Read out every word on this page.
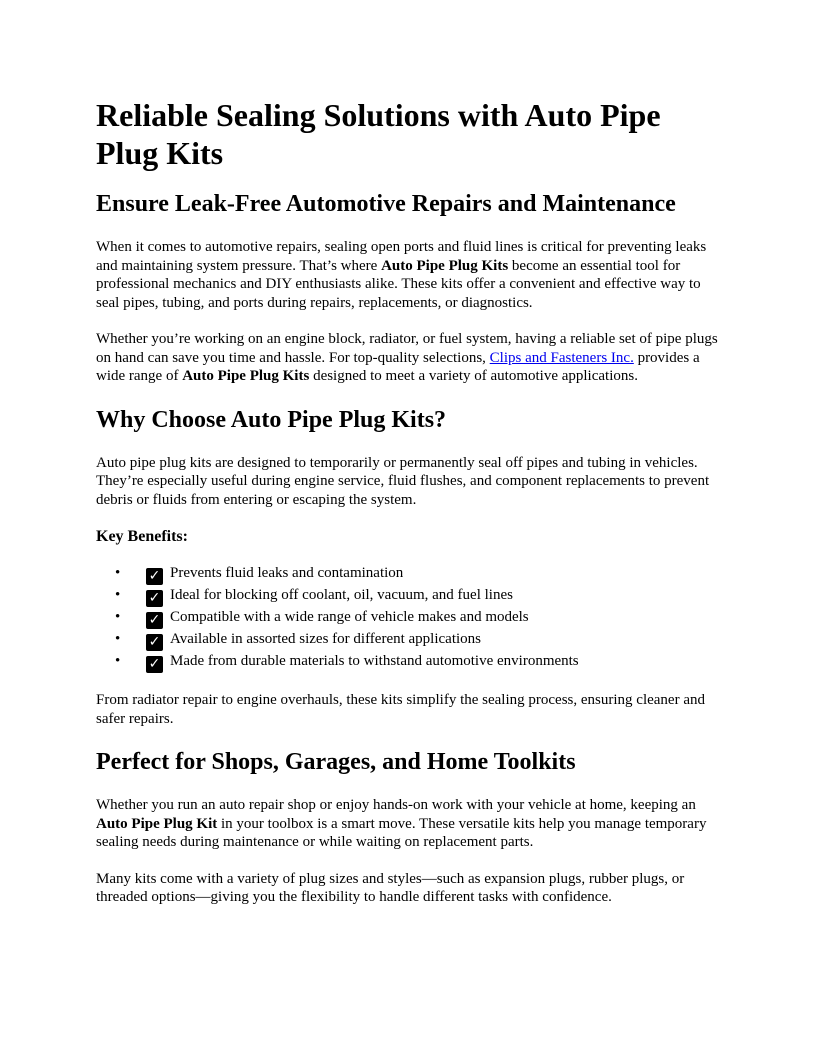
Reliable Sealing Solutions with Auto Pipe Plug Kits
Ensure Leak-Free Automotive Repairs and Maintenance

When it comes to automotive repairs, sealing open ports and fluid lines is critical for preventing leaks and maintaining system pressure. That’s where Auto Pipe Plug Kits become an essential tool for professional mechanics and DIY enthusiasts alike. These kits offer a convenient and effective way to seal pipes, tubing, and ports during repairs, replacements, or diagnostics.

Whether you’re working on an engine block, radiator, or fuel system, having a reliable set of pipe plugs on hand can save you time and hassle. For top-quality selections, Clips and Fasteners Inc. provides a wide range of Auto Pipe Plug Kits designed to meet a variety of automotive applications.

Why Choose Auto Pipe Plug Kits?

Auto pipe plug kits are designed to temporarily or permanently seal off pipes and tubing in vehicles. They’re especially useful during engine service, fluid flushes, and component replacements to prevent debris or fluids from entering or escaping the system.

Key Benefits:
• ✓ Prevents fluid leaks and contamination
• ✓ Ideal for blocking off coolant, oil, vacuum, and fuel lines
• ✓ Compatible with a wide range of vehicle makes and models
• ✓ Available in assorted sizes for different applications
• ✓ Made from durable materials to withstand automotive environments

From radiator repair to engine overhauls, these kits simplify the sealing process, ensuring cleaner and safer repairs.

Perfect for Shops, Garages, and Home Toolkits

Whether you run an auto repair shop or enjoy hands-on work with your vehicle at home, keeping an Auto Pipe Plug Kit in your toolbox is a smart move. These versatile kits help you manage temporary sealing needs during maintenance or while waiting on replacement parts.

Many kits come with a variety of plug sizes and styles—such as expansion plugs, rubber plugs, or threaded options—giving you the flexibility to handle different tasks with confidence.
